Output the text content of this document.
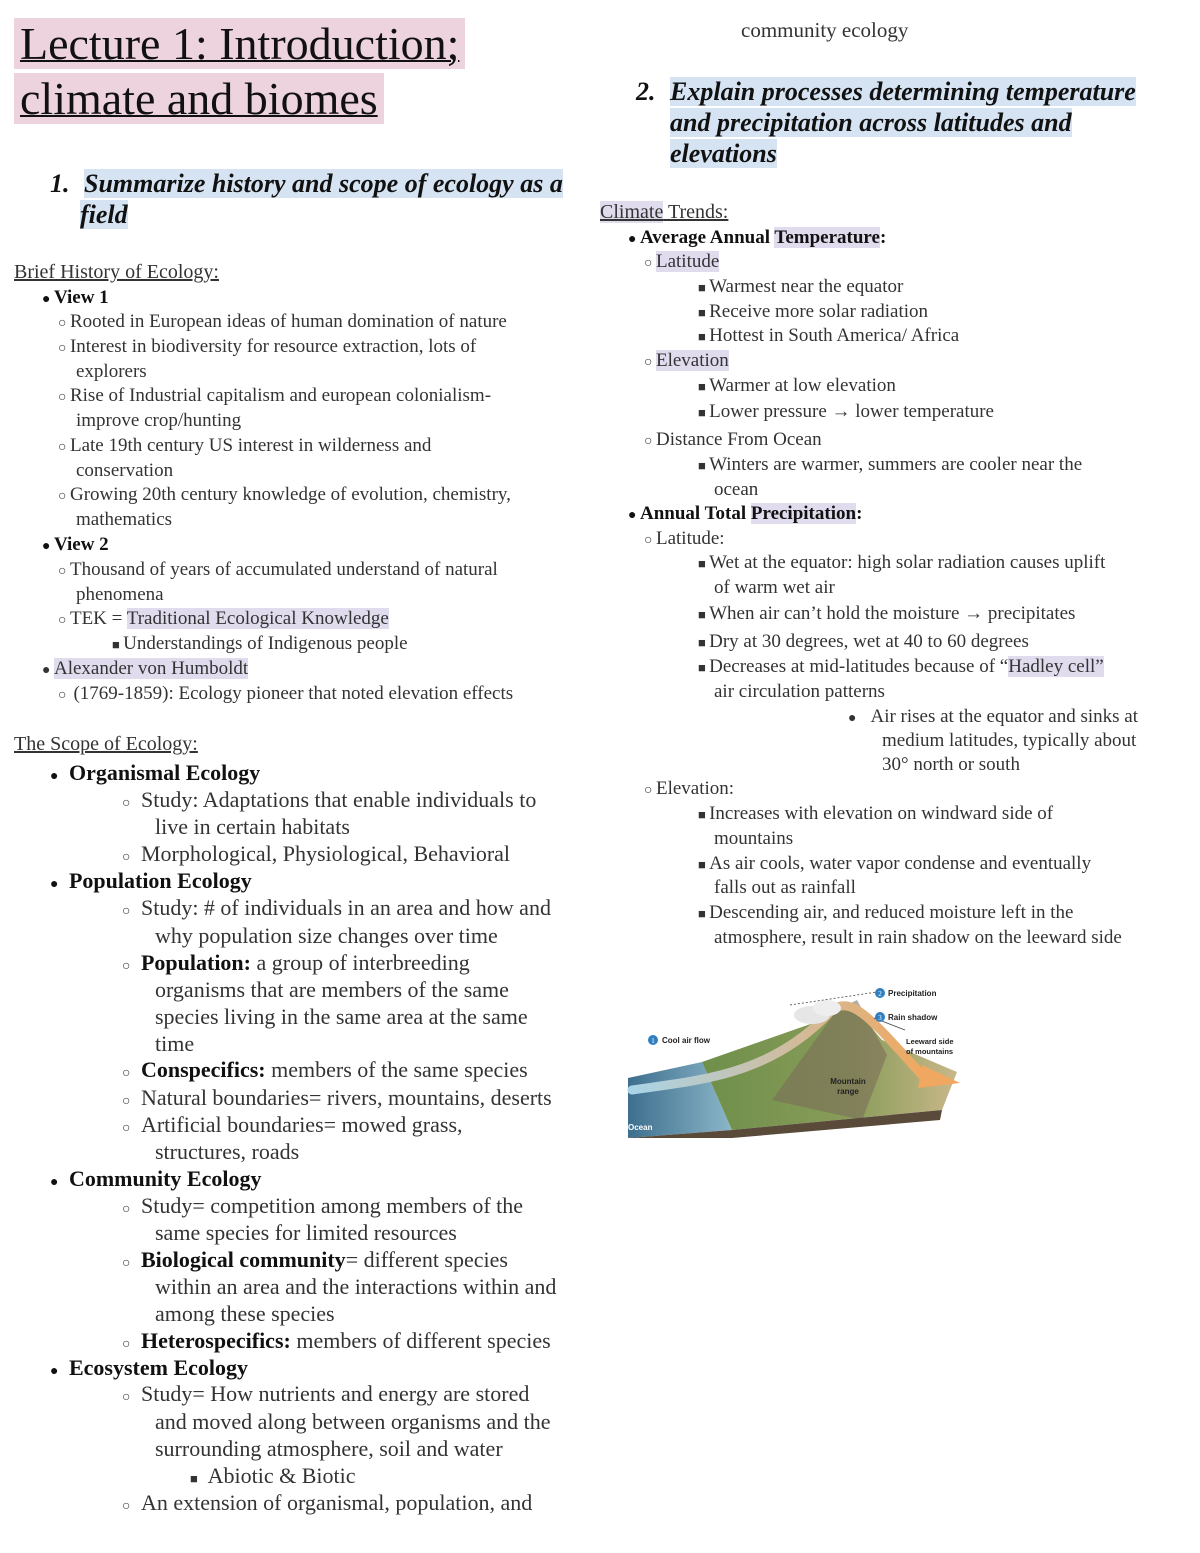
Lecture 1: Introduction;
climate and biomes
1. Summarize history and scope of ecology as a
field
Brief History of Ecology:
● View 1
○ Rooted in European ideas of human domination of nature
○ Interest in biodiversity for resource extraction, lots of
explorers
○ Rise of Industrial capitalism and european colonialism-
improve crop/hunting
○ Late 19th century US interest in wilderness and
conservation
○ Growing 20th century knowledge of evolution, chemistry,
mathematics
● View 2
○ Thousand of years of accumulated understand of natural
phenomena
○ TEK = Traditional Ecological Knowledge
■ Understandings of Indigenous people
● Alexander von Humboldt
○  (1769-1859): Ecology pioneer that noted elevation effects
The Scope of Ecology:
●   Organismal Ecology
○   Study: Adaptations that enable individuals to
live in certain habitats
○   Morphological, Physiological, Behavioral
●   Population Ecology
○   Study: # of individuals in an area and how and
why population size changes over time
○   Population: a group of interbreeding
organisms that are members of the same
species living in the same area at the same
time
○   Conspecifics: members of the same species
○   Natural boundaries= rivers, mountains, deserts
○   Artificial boundaries= mowed grass,
structures, roads
●   Community Ecology
○   Study= competition among members of the
same species for limited resources
○   Biological community= different species
within an area and the interactions within and
among these species
○   Heterospecifics: members of different species
●   Ecosystem Ecology
○   Study= How nutrients and energy are stored
and moved along between organisms and the
surrounding atmosphere, soil and water
■   Abiotic & Biotic
○   An extension of organismal, population, and
community ecology
2. Explain processes determining temperature
and precipitation across latitudes and
elevations
Climate Trends:
● Average Annual Temperature:
○ Latitude
■ Warmest near the equator
■ Receive more solar radiation
■ Hottest in South America/ Africa
○ Elevation
■ Warmer at low elevation
■ Lower pressure → lower temperature
○ Distance From Ocean
■ Winters are warmer, summers are cooler near the
ocean
● Annual Total Precipitation:
○ Latitude:
■ Wet at the equator: high solar radiation causes uplift
of warm wet air
■ When air can’t hold the moisture → precipitates
■ Dry at 30 degrees, wet at 40 to 60 degrees
■ Decreases at mid-latitudes because of “Hadley cell”
air circulation patterns
●    Air rises at the equator and sinks at
medium latitudes, typically about
30° north or south
○ Elevation:
■ Increases with elevation on windward side of
mountains
■ As air cools, water vapor condense and eventually
falls out as rainfall
■ Descending air, and reduced moisture left in the
atmosphere, result in rain shadow on the leeward side
1 Cool air flow
2 Precipitation
3 Rain shadow
Leeward side
of mountains
Mountain
range
Ocean
